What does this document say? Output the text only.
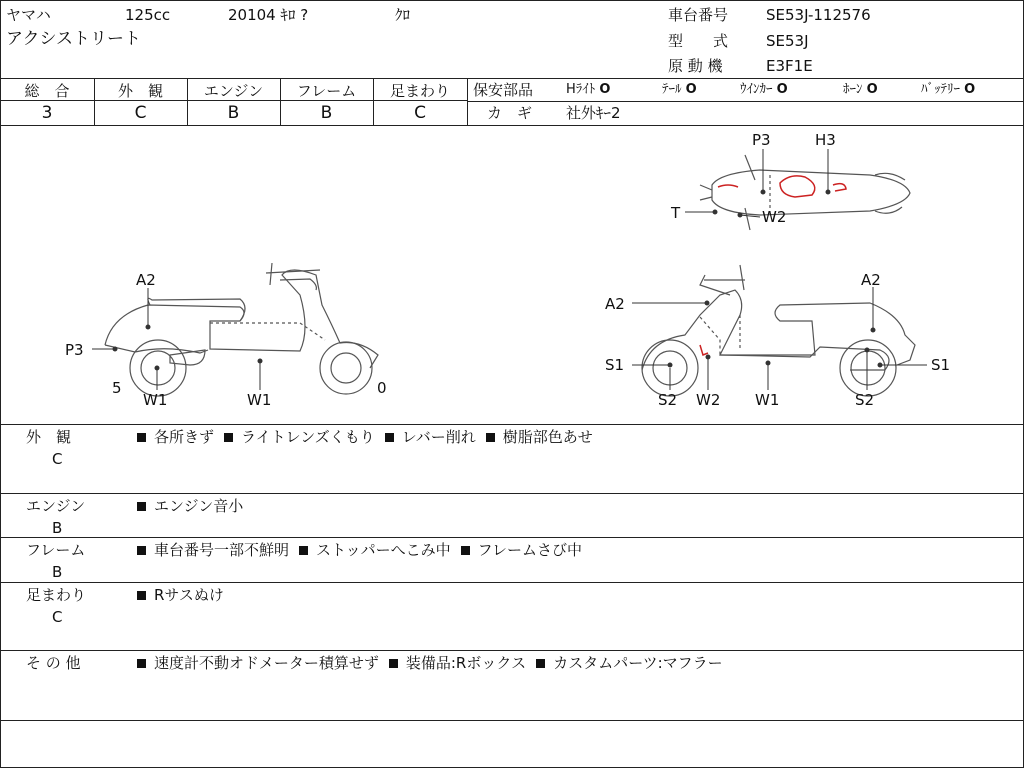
ヤマハ	125cc	20104 ｷﾛ ?	ｸﾛ
アクシストリート
車台番号	SE53J-112576
型　　式	SE53J
原 動 機	E3F1E
総　合	外　観	エンジン	フレーム	足まわり
3	C	B	B	C
保安部品	Hﾗｲﾄ O	ﾃｰﾙ O	ｳｲﾝｶｰ O	ﾎｰﾝ O	ﾊﾞｯﾃﾘｰ O
カ　ギ 社外ｷｰ2
A2
P3
5
W1	W1
0
A2
A2
S1	S1
S2 W2 W1	S2
P3	H3
T	W2
外　観
C
各所きず ライトレンズくもり レバー削れ 樹脂部色あせ
エンジン
B
エンジン音小
フレーム
B
車台番号一部不鮮明 ストッパーへこみ中 フレームさび中
足まわり
C
Rサスぬけ
そ の 他	速度計不動オドメーター積算せず 装備品:Rボックス カスタムパーツ:マフラー
